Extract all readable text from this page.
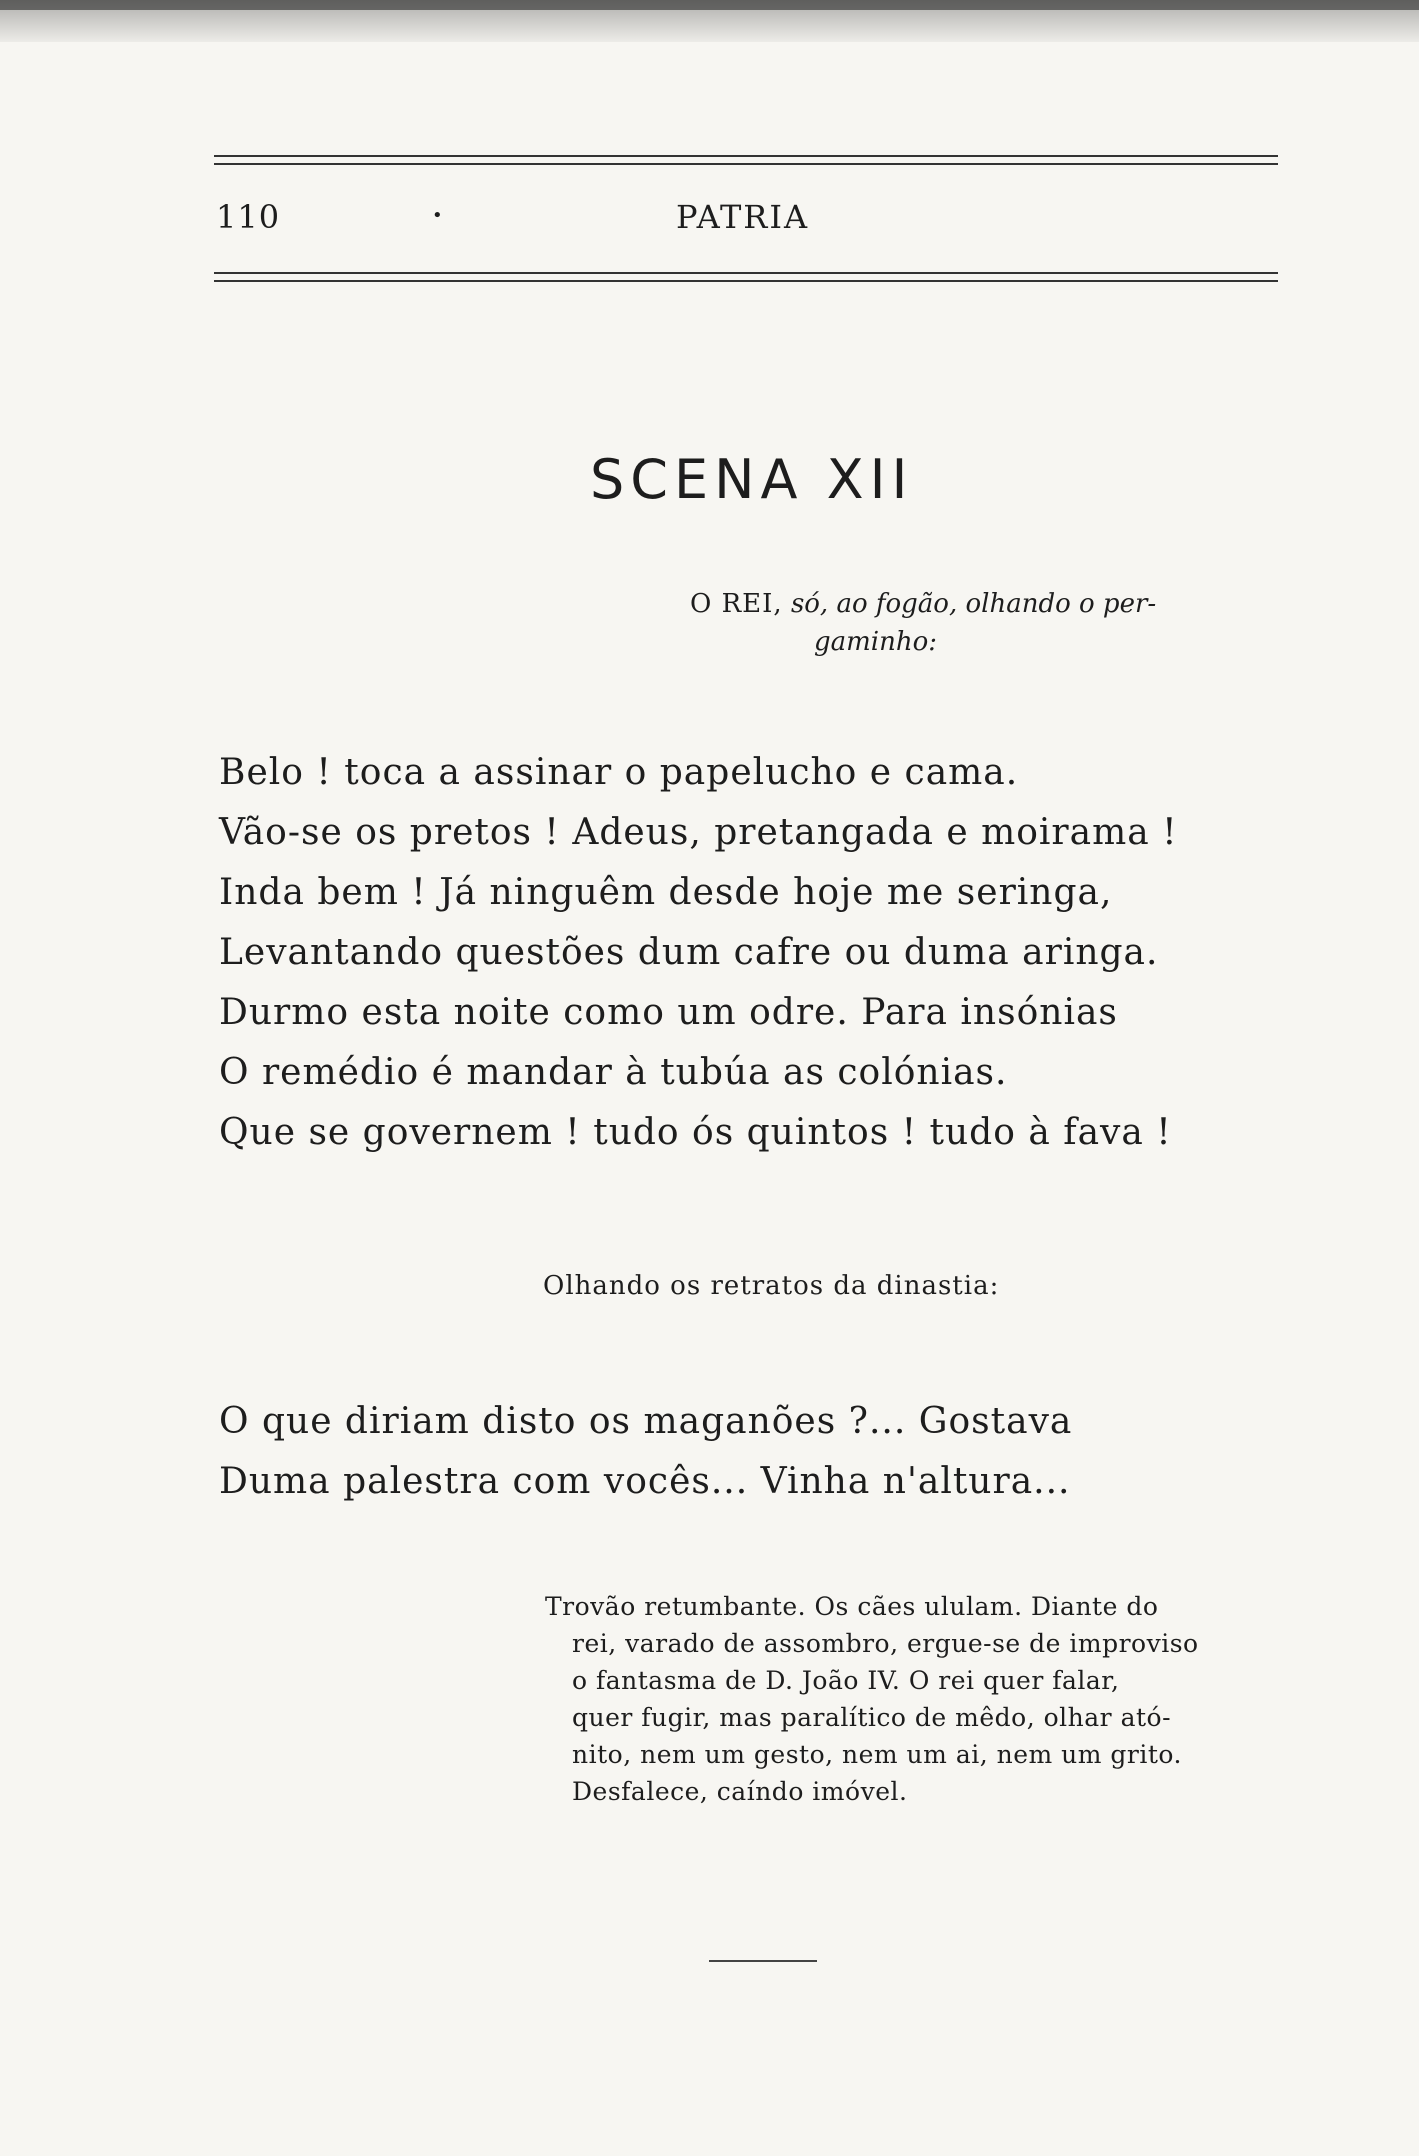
110	•	PATRIA
SCENA XII
O REI, só, ao fogão, olhando o per-
gaminho:
Belo ! toca a assinar o papelucho e cama.
Vão-se os pretos ! Adeus, pretangada e moirama !
Inda bem ! Já ninguêm desde hoje me seringa,
Levantando questões dum cafre ou duma aringa.
Durmo esta noite como um odre. Para insónias
O remédio é mandar à tubúa as colónias.
Que se governem ! tudo ós quintos ! tudo à fava !
Olhando os retratos da dinastia:
O que diriam disto os maganões ?... Gostava
Duma palestra com vocês... Vinha n'altura...
Trovão retumbante. Os cães ululam. Diante do
rei, varado de assombro, ergue-se de improviso
o fantasma de D. João IV. O rei quer falar,
quer fugir, mas paralítico de mêdo, olhar ató-
nito, nem um gesto, nem um ai, nem um grito.
Desfalece, caíndo imóvel.
